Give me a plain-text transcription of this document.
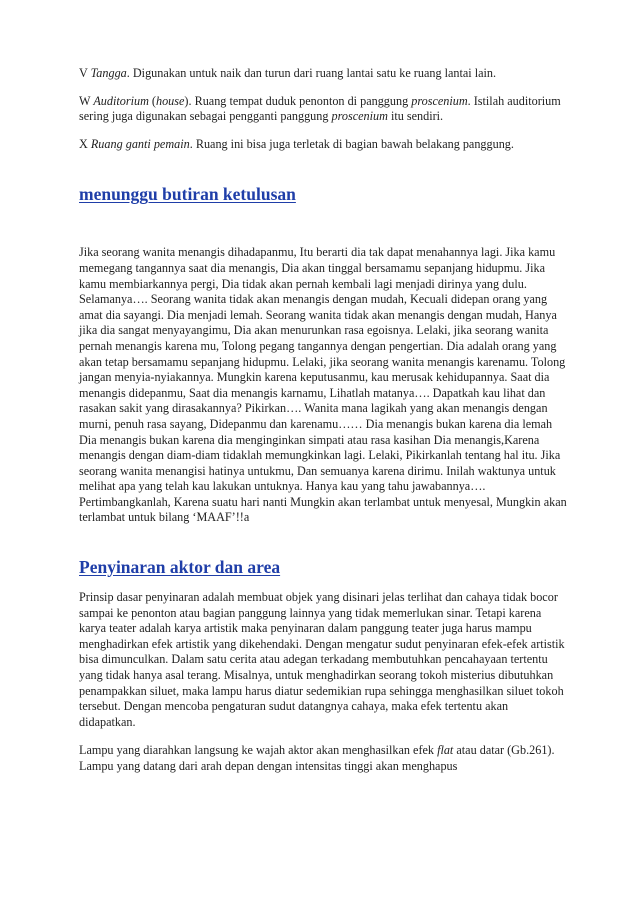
V Tangga. Digunakan untuk naik dan turun dari ruang lantai satu ke ruang lantai lain.

W Auditorium (house). Ruang tempat duduk penonton di panggung proscenium. Istilah auditorium sering juga digunakan sebagai pengganti panggung proscenium itu sendiri.

X Ruang ganti pemain. Ruang ini bisa juga terletak di bagian bawah belakang panggung.

menunggu butiran ketulusan

Jika seorang wanita menangis dihadapanmu, Itu berarti dia tak dapat menahannya lagi. Jika kamu memegang tangannya saat dia menangis, Dia akan tinggal bersamamu sepanjang hidupmu. Jika kamu membiarkannya pergi, Dia tidak akan pernah kembali lagi menjadi dirinya yang dulu. Selamanya…. Seorang wanita tidak akan menangis dengan mudah, Kecuali didepan orang yang amat dia sayangi. Dia menjadi lemah. Seorang wanita tidak akan menangis dengan mudah, Hanya jika dia sangat menyayangimu, Dia akan menurunkan rasa egoisnya. Lelaki, jika seorang wanita pernah menangis karena mu, Tolong pegang tangannya dengan pengertian. Dia adalah orang yang akan tetap bersamamu sepanjang hidupmu. Lelaki, jika seorang wanita menangis karenamu. Tolong jangan menyia-nyiakannya. Mungkin karena keputusanmu, kau merusak kehidupannya. Saat dia menangis didepanmu, Saat dia menangis karnamu, Lihatlah matanya…. Dapatkah kau lihat dan rasakan sakit yang dirasakannya? Pikirkan…. Wanita mana lagikah yang akan menangis dengan murni, penuh rasa sayang, Didepanmu dan karenamu…… Dia menangis bukan karena dia lemah Dia menangis bukan karena dia menginginkan simpati atau rasa kasihan Dia menangis,Karena menangis dengan diam-diam tidaklah memungkinkan lagi. Lelaki, Pikirkanlah tentang hal itu. Jika seorang wanita menangisi hatinya untukmu, Dan semuanya karena dirimu. Inilah waktunya untuk melihat apa yang telah kau lakukan untuknya. Hanya kau yang tahu jawabannya…. Pertimbangkanlah, Karena suatu hari nanti Mungkin akan terlambat untuk menyesal, Mungkin akan terlambat untuk bilang ‘MAAF’!!a

Penyinaran aktor dan area

Prinsip dasar penyinaran adalah membuat objek yang disinari jelas terlihat dan cahaya tidak bocor sampai ke penonton atau bagian panggung lainnya yang tidak memerlukan sinar. Tetapi karena karya teater adalah karya artistik maka penyinaran dalam panggung teater juga harus mampu menghadirkan efek artistik yang dikehendaki. Dengan mengatur sudut penyinaran efek-efek artistik bisa dimunculkan. Dalam satu cerita atau adegan terkadang membutuhkan pencahayaan tertentu yang tidak hanya asal terang. Misalnya, untuk menghadirkan seorang tokoh misterius dibutuhkan penampakkan siluet, maka lampu harus diatur sedemikian rupa sehingga menghasilkan siluet tokoh tersebut. Dengan mencoba pengaturan sudut datangnya cahaya, maka efek tertentu akan didapatkan.

Lampu yang diarahkan langsung ke wajah aktor akan menghasilkan efek flat atau datar (Gb.261). Lampu yang datang dari arah depan dengan intensitas tinggi akan menghapus
